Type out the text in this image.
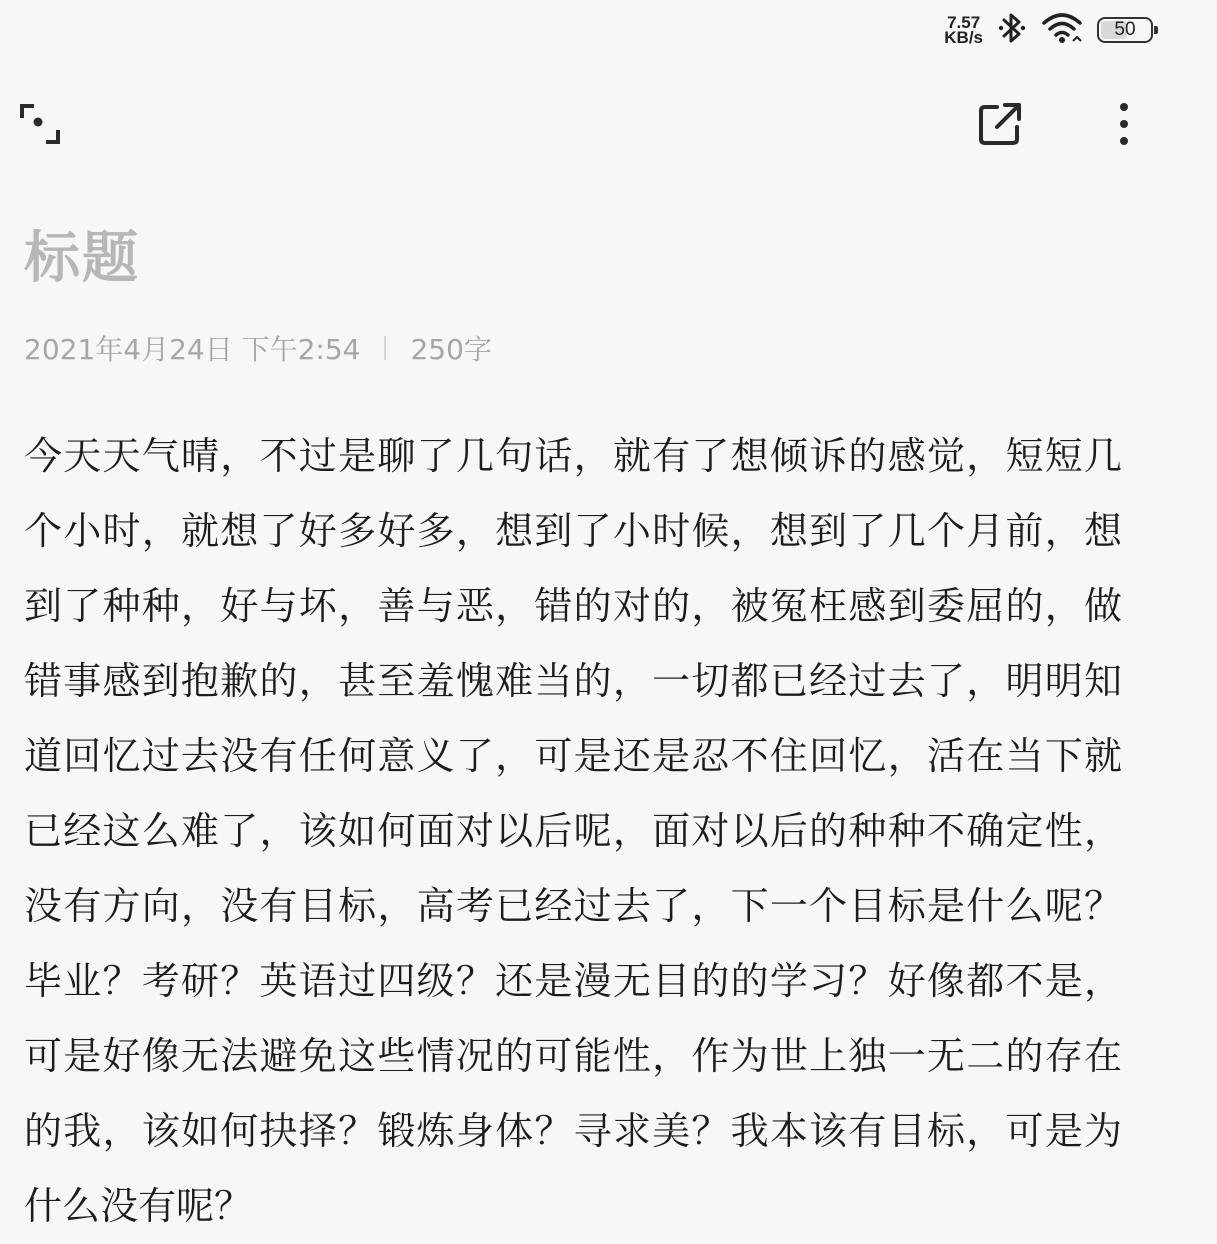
7.57
KB/s	50
标题
2021年4月24日 下午2:54 250字

今天天气晴，不过是聊了几句话，就有了想倾诉的感觉，短短几个小时，就想了好多好多，想到了小时候，想到了几个月前，想到了种种，好与坏，善与恶，错的对的，被冤枉感到委屈的，做错事感到抱歉的，甚至羞愧难当的，一切都已经过去了，明明知道回忆过去没有任何意义了，可是还是忍不住回忆，活在当下就已经这么难了，该如何面对以后呢，面对以后的种种不确定性，没有方向，没有目标，高考已经过去了，下一个目标是什么呢？毕业？考研？英语过四级？还是漫无目的的学习？好像都不是，可是好像无法避免这些情况的可能性，作为世上独一无二的存在的我，该如何抉择？锻炼身体？寻求美？我本该有目标，可是为什么没有呢？
